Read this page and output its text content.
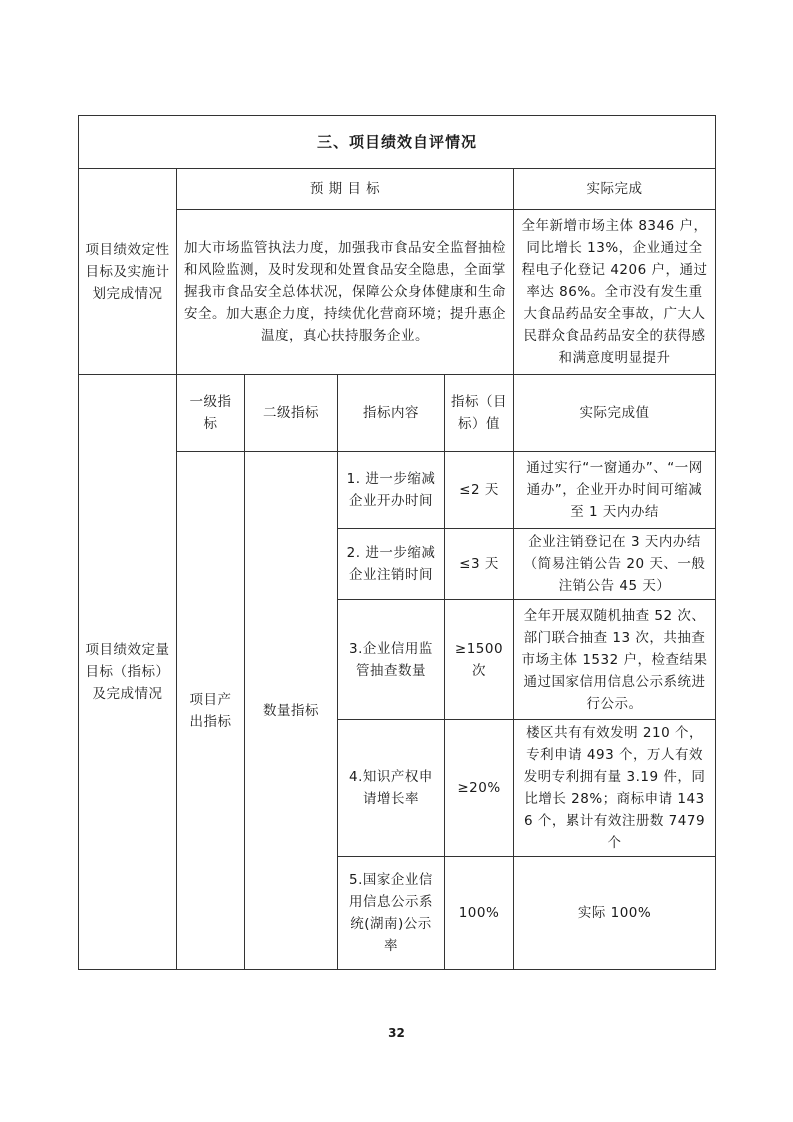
三、项目绩效自评情况					
项目绩效定性目标及实施计划完成情况	预 期 目 标				实际完成
	加大市场监管执法力度，加强我市食品安全监督抽检和风险监测，及时发现和处置食品安全隐患，全面掌握我市食品安全总体状况，保障公众身体健康和生命安全。加大惠企力度，持续优化营商环境；提升惠企温度，真心扶持服务企业。				全年新增市场主体 8346 户，同比增长 13%，企业通过全程电子化登记 4206 户，通过率达 86%。全市没有发生重大食品药品安全事故，广大人民群众食品药品安全的获得感和满意度明显提升
项目绩效定量目标（指标）及完成情况	一级指标	二级指标	指标内容	指标（目标）值	实际完成值
	项目产出指标	数量指标	1. 进一步缩减企业开办时间	≤2 天	通过实行“一窗通办”、“一网通办”，企业开办时间可缩减至 1 天内办结
			2. 进一步缩减企业注销时间	≤3 天	企业注销登记在 3 天内办结（简易注销公告 20 天、一般注销公告 45 天）
			3.企业信用监管抽查数量	≥1500 次	全年开展双随机抽查 52 次、部门联合抽查 13 次，共抽查市场主体 1532 户，检查结果通过国家信用信息公示系统进行公示。
			4.知识产权申请增长率	≥20%	楼区共有有效发明 210 个，专利申请 493 个，万人有效发明专利拥有量 3.19 件，同比增长 28%；商标申请 1436 个，累计有效注册数 7479 个
			5.国家企业信用信息公示系统(湖南)公示率	100%	实际 100%
32
